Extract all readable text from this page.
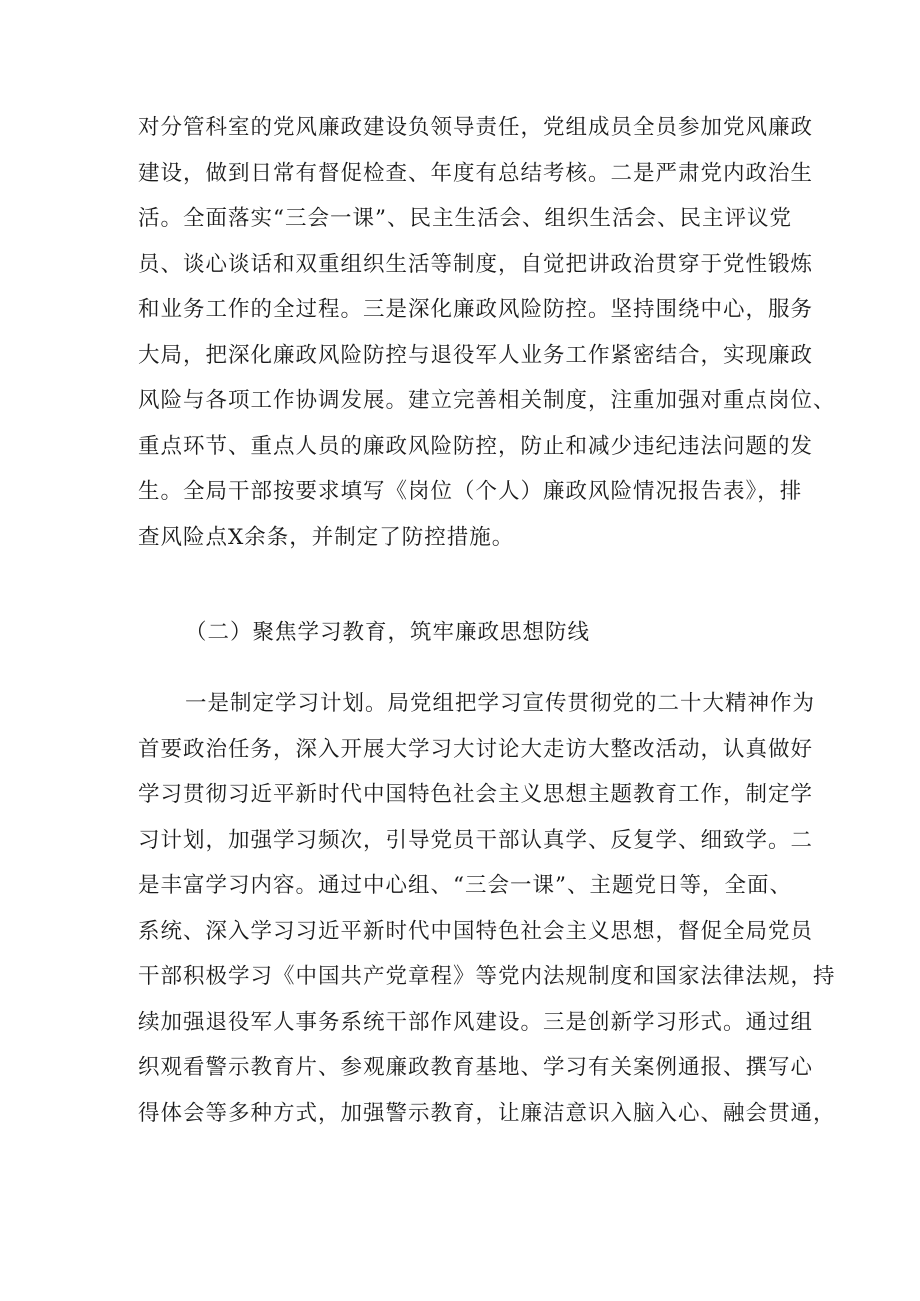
对分管科室的党风廉政建设负领导责任，党组成员全员参加党风廉政
建设，做到日常有督促检查、年度有总结考核。二是严肃党内政治生
活。全面落实“三会一课”、民主生活会、组织生活会、民主评议党
员、谈心谈话和双重组织生活等制度，自觉把讲政治贯穿于党性锻炼
和业务工作的全过程。三是深化廉政风险防控。坚持围绕中心，服务
大局，把深化廉政风险防控与退役军人业务工作紧密结合，实现廉政
风险与各项工作协调发展。建立完善相关制度，注重加强对重点岗位、
重点环节、重点人员的廉政风险防控，防止和减少违纪违法问题的发
生。全局干部按要求填写《岗位（个人）廉政风险情况报告表》，排
查风险点X余条，并制定了防控措施。
（二）聚焦学习教育，筑牢廉政思想防线
一是制定学习计划。局党组把学习宣传贯彻党的二十大精神作为
首要政治任务，深入开展大学习大讨论大走访大整改活动，认真做好
学习贯彻习近平新时代中国特色社会主义思想主题教育工作，制定学
习计划，加强学习频次，引导党员干部认真学、反复学、细致学。二
是丰富学习内容。通过中心组、“三会一课”、主题党日等，全面、
系统、深入学习习近平新时代中国特色社会主义思想，督促全局党员
干部积极学习《中国共产党章程》等党内法规制度和国家法律法规，持
续加强退役军人事务系统干部作风建设。三是创新学习形式。通过组
织观看警示教育片、参观廉政教育基地、学习有关案例通报、撰写心
得体会等多种方式，加强警示教育，让廉洁意识入脑入心、融会贯通，
